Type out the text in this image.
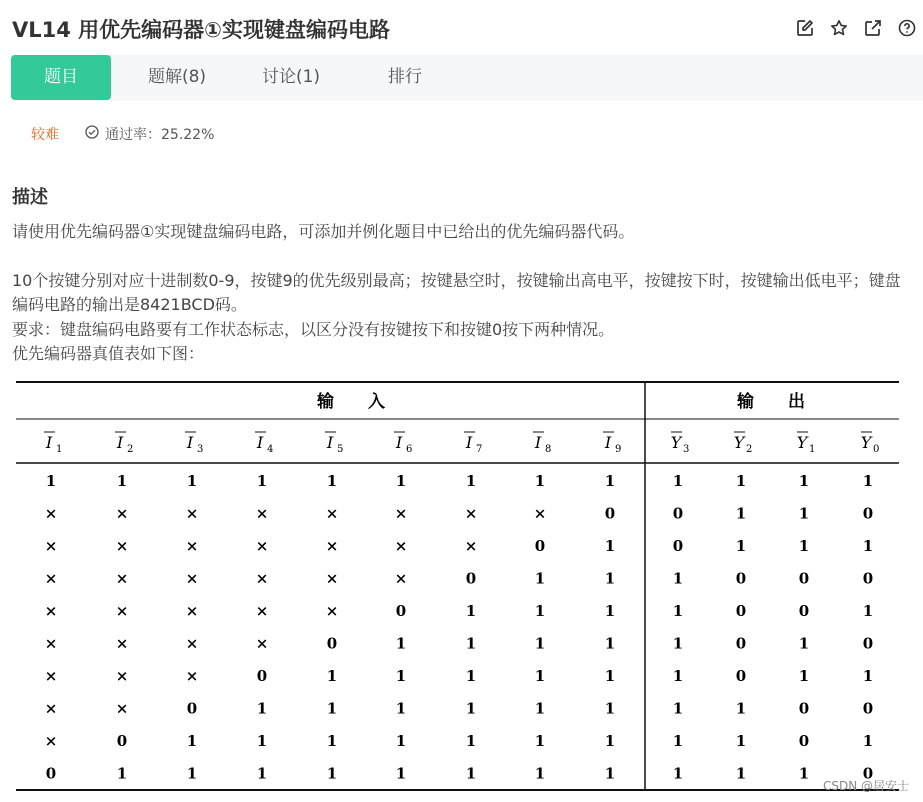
VL14 用优先编码器①实现键盘编码电路
题目	题解(8)	讨论(1)	排行
较难	通过率：25.22%
描述

请使用优先编码器①实现键盘编码电路，可添加并例化题目中已给出的优先编码器代码。

10个按键分别对应十进制数0-9，按键9的优先级别最高；按键悬空时，按键输出高电平，按键按下时，按键输出低电平；键盘编码电路的输出是8421BCD码。

要求：键盘编码电路要有工作状态标志，以区分没有按键按下和按键0按下两种情况。

优先编码器真值表如下图：

输　　入	输　　出
I 1	I 2	I 3	I 4	I 5	I 6	I 7	I 8	I 9	Y 3	Y 2	Y 1	Y 0
1	1	1	1	1	1	1	1	1	1	1	1	1
×	×	×	×	×	×	×	×	0	0	1	1	0
×	×	×	×	×	×	×	0	1	0	1	1	1
×	×	×	×	×	×	0	1	1	1	0	0	0
×	×	×	×	×	0	1	1	1	1	0	0	1
×	×	×	×	0	1	1	1	1	1	0	1	0
×	×	×	0	1	1	1	1	1	1	0	1	1
×	×	0	1	1	1	1	1	1	1	1	0	0
×	0	1	1	1	1	1	1	1	1	1	0	1
0	1	1	1	1	1	1	1	1	1	1	1	0
CSDN @居安士
